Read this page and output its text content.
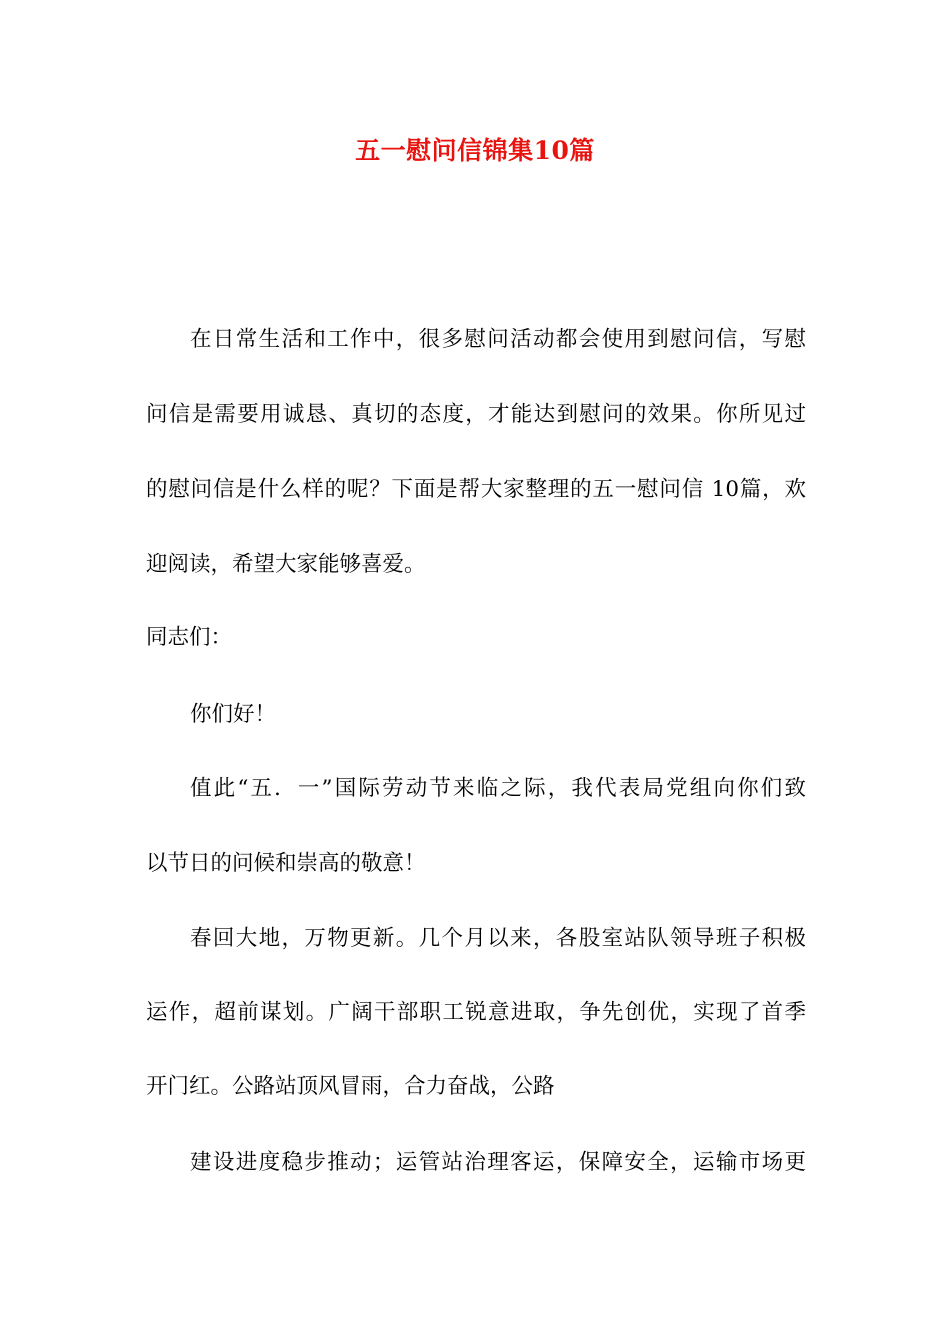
五一慰问信锦集10篇
在日常生活和工作中，很多慰问活动都会使用到慰问信，写慰
问信是需要用诚恳、真切的态度，才能达到慰问的效果。你所见过
的慰问信是什么样的呢？下面是帮大家整理的五一慰问信 10篇，欢
迎阅读，希望大家能够喜爱。
同志们：
你们好！
值此“五．一”国际劳动节来临之际，我代表局党组向你们致
以节日的问候和崇高的敬意！
春回大地，万物更新。几个月以来，各股室站队领导班子积极
运作，超前谋划。广阔干部职工锐意进取，争先创优，实现了首季
开门红。公路站顶风冒雨，合力奋战，公路
建设进度稳步推动；运管站治理客运，保障安全，运输市场更
